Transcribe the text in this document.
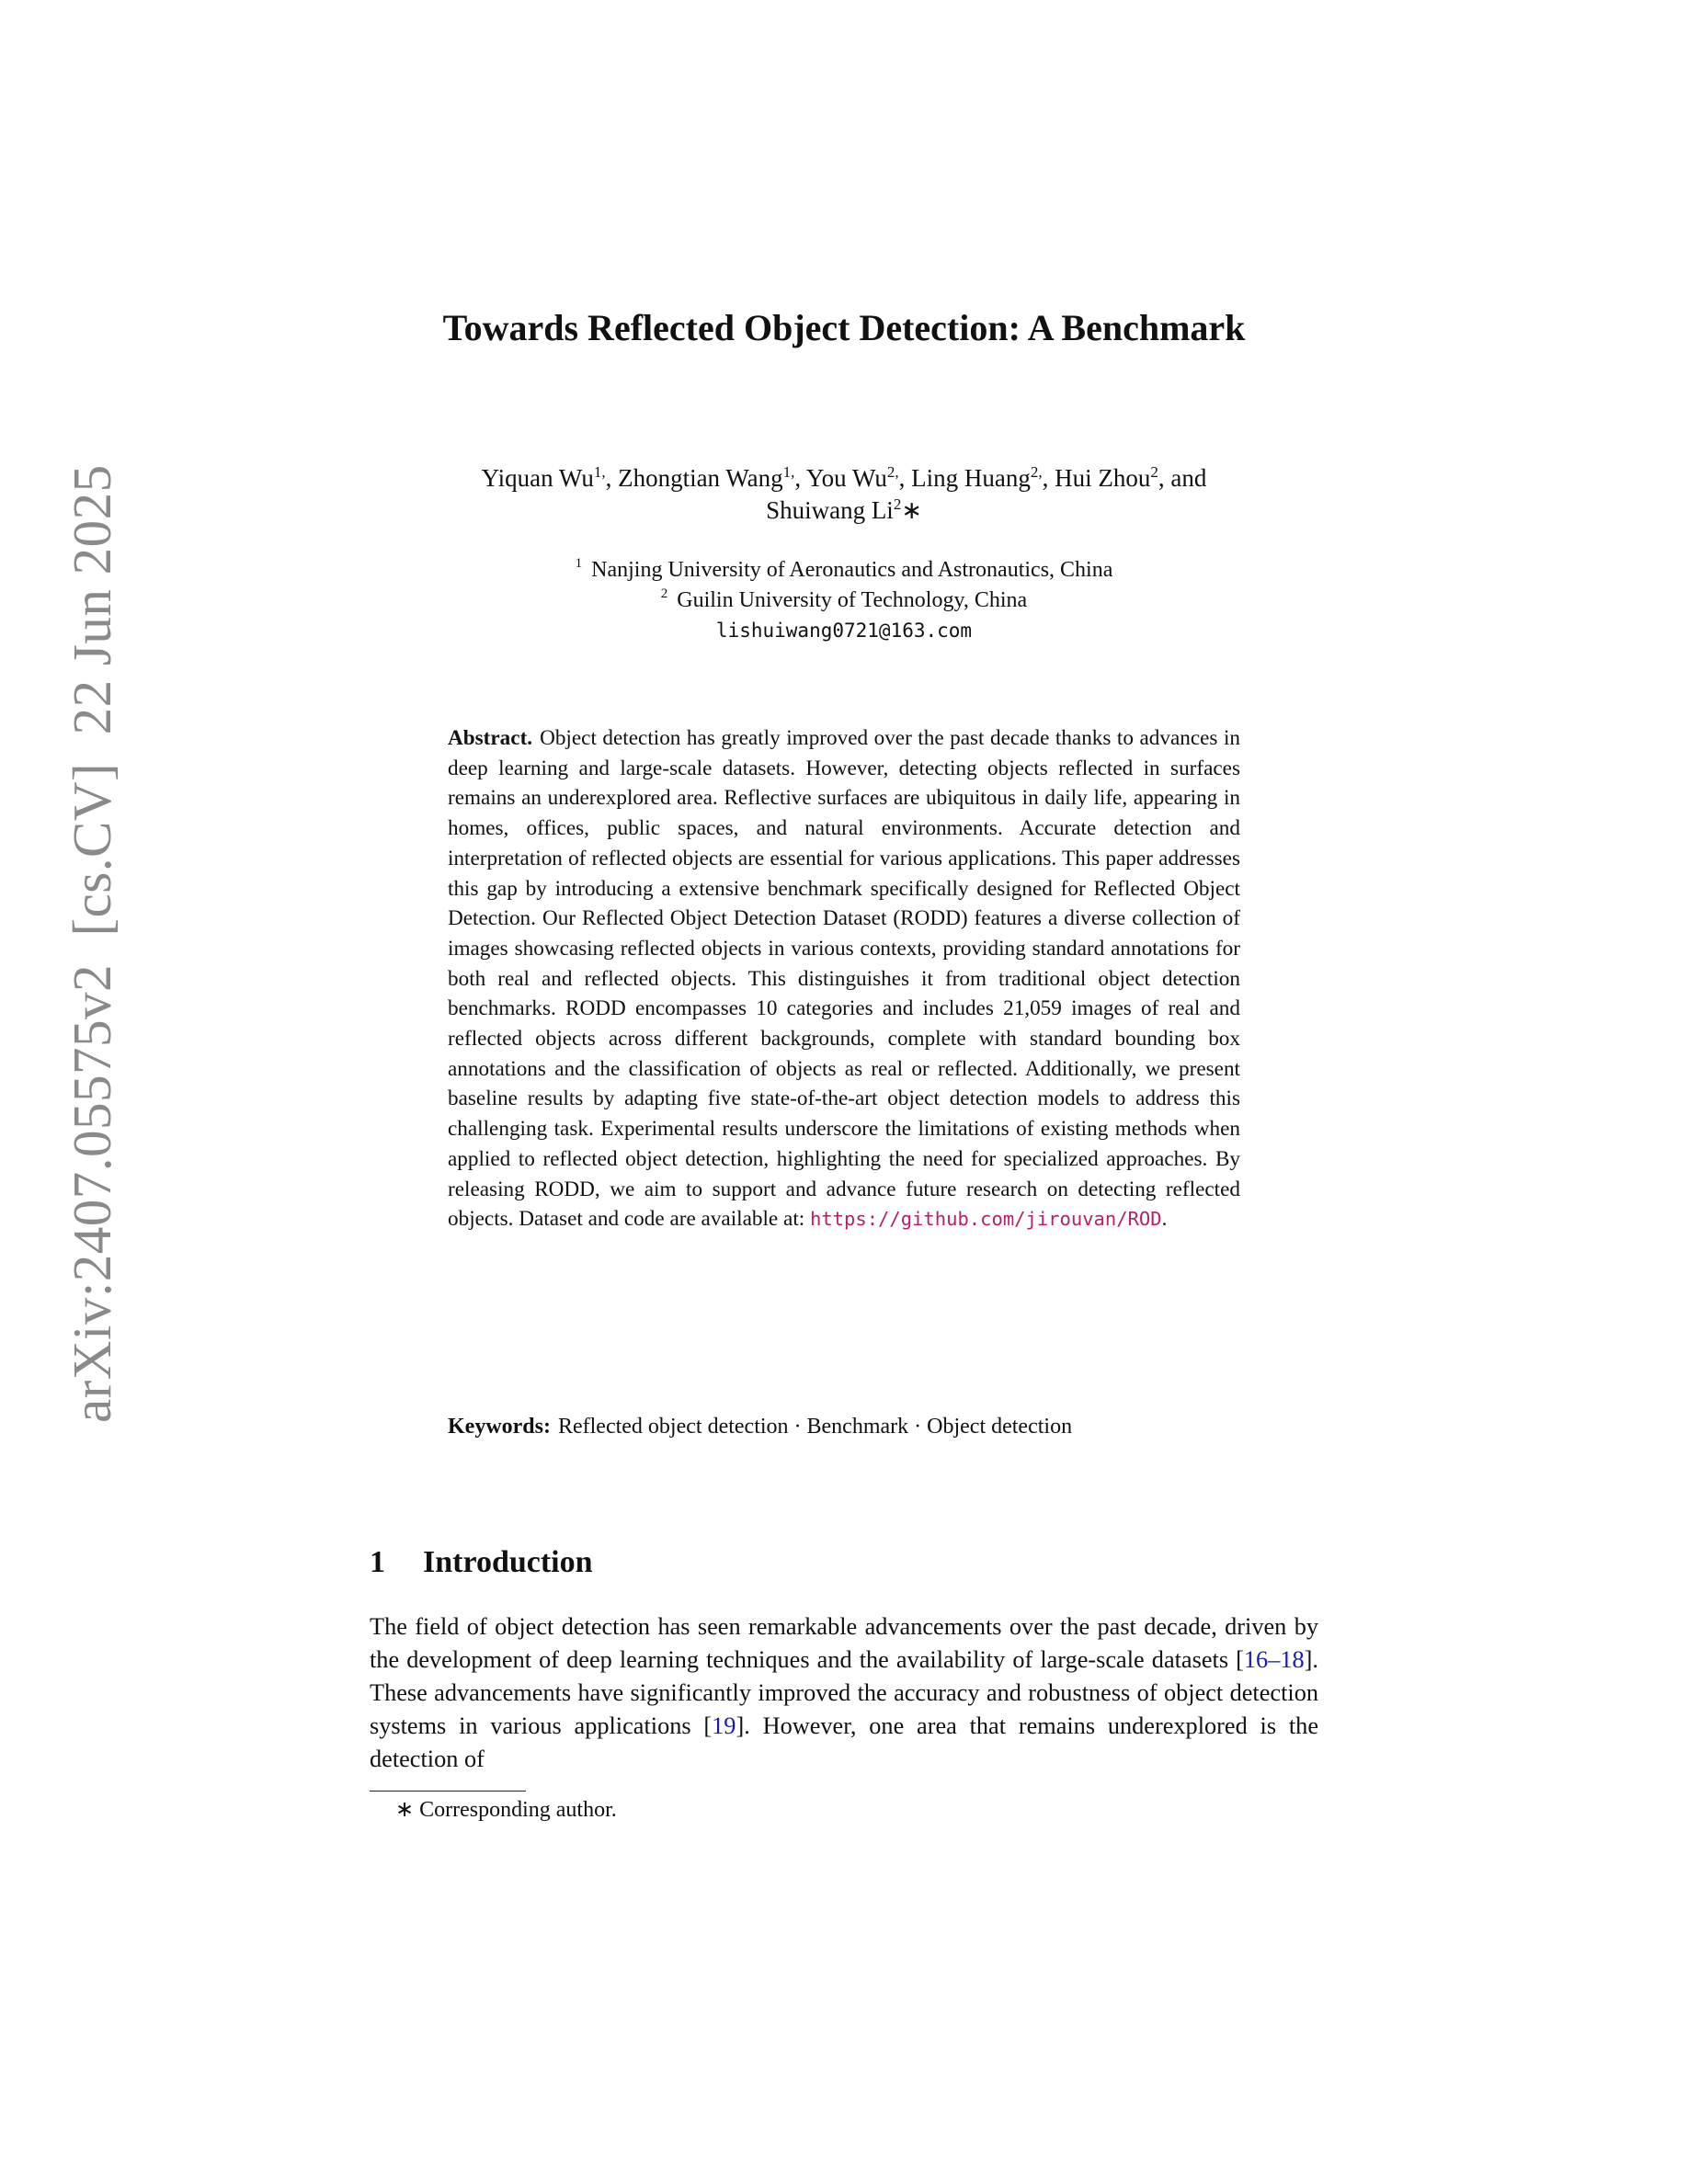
arXiv:2407.05575v2  [cs.CV]  22 Jun 2025
Towards Reflected Object Detection: A Benchmark
Yiquan $Wu^{1,}$, Zhongtian Wang$^{1,}$, You $Wu^{2,}$, Ling Huang$^{2,}$, Hui Zhou$^2$, and
Shuiwang Li$^2$∗
$^1$ Nanjing University of Aeronautics and Astronautics, China
$^2$ Guilin University of Technology, China
lishuiwang0721@163.com
Abstract. Object detection has greatly improved over the past decade thanks to advances in deep learning and large-scale datasets. However, detecting objects reflected in surfaces remains an underexplored area. Reflective surfaces are ubiquitous in daily life, appearing in homes, offices, public spaces, and natural environments. Accurate detection and interpretation of reflected objects are essential for various applications. This paper addresses this gap by introducing a extensive benchmark specifically designed for Reflected Object Detection. Our Reflected Object Detection Dataset (RODD) features a diverse collection of images showcasing reflected objects in various contexts, providing standard annotations for both real and reflected objects. This distinguishes it from traditional object detection benchmarks. RODD encompasses 10 categories and includes 21,059 images of real and reflected objects across different backgrounds, complete with standard bounding box annotations and the classification of objects as real or reflected. Additionally, we present baseline results by adapting five state-of-the-art object detection models to address this challenging task. Experimental results underscore the limitations of existing methods when applied to reflected object detection, highlighting the need for specialized approaches. By releasing RODD, we aim to support and advance future research on detecting reflected objects. Dataset and code are available at: https://github.com/jirouvan/ROD.
Keywords: Reflected object detection · Benchmark · Object detection
1 Introduction
The field of object detection has seen remarkable advancements over the past decade, driven by the development of deep learning techniques and the availability of large-scale datasets [16–18]. These advancements have significantly improved the accuracy and robustness of object detection systems in various applications [19]. However, one area that remains underexplored is the detection of
∗ Corresponding author.
